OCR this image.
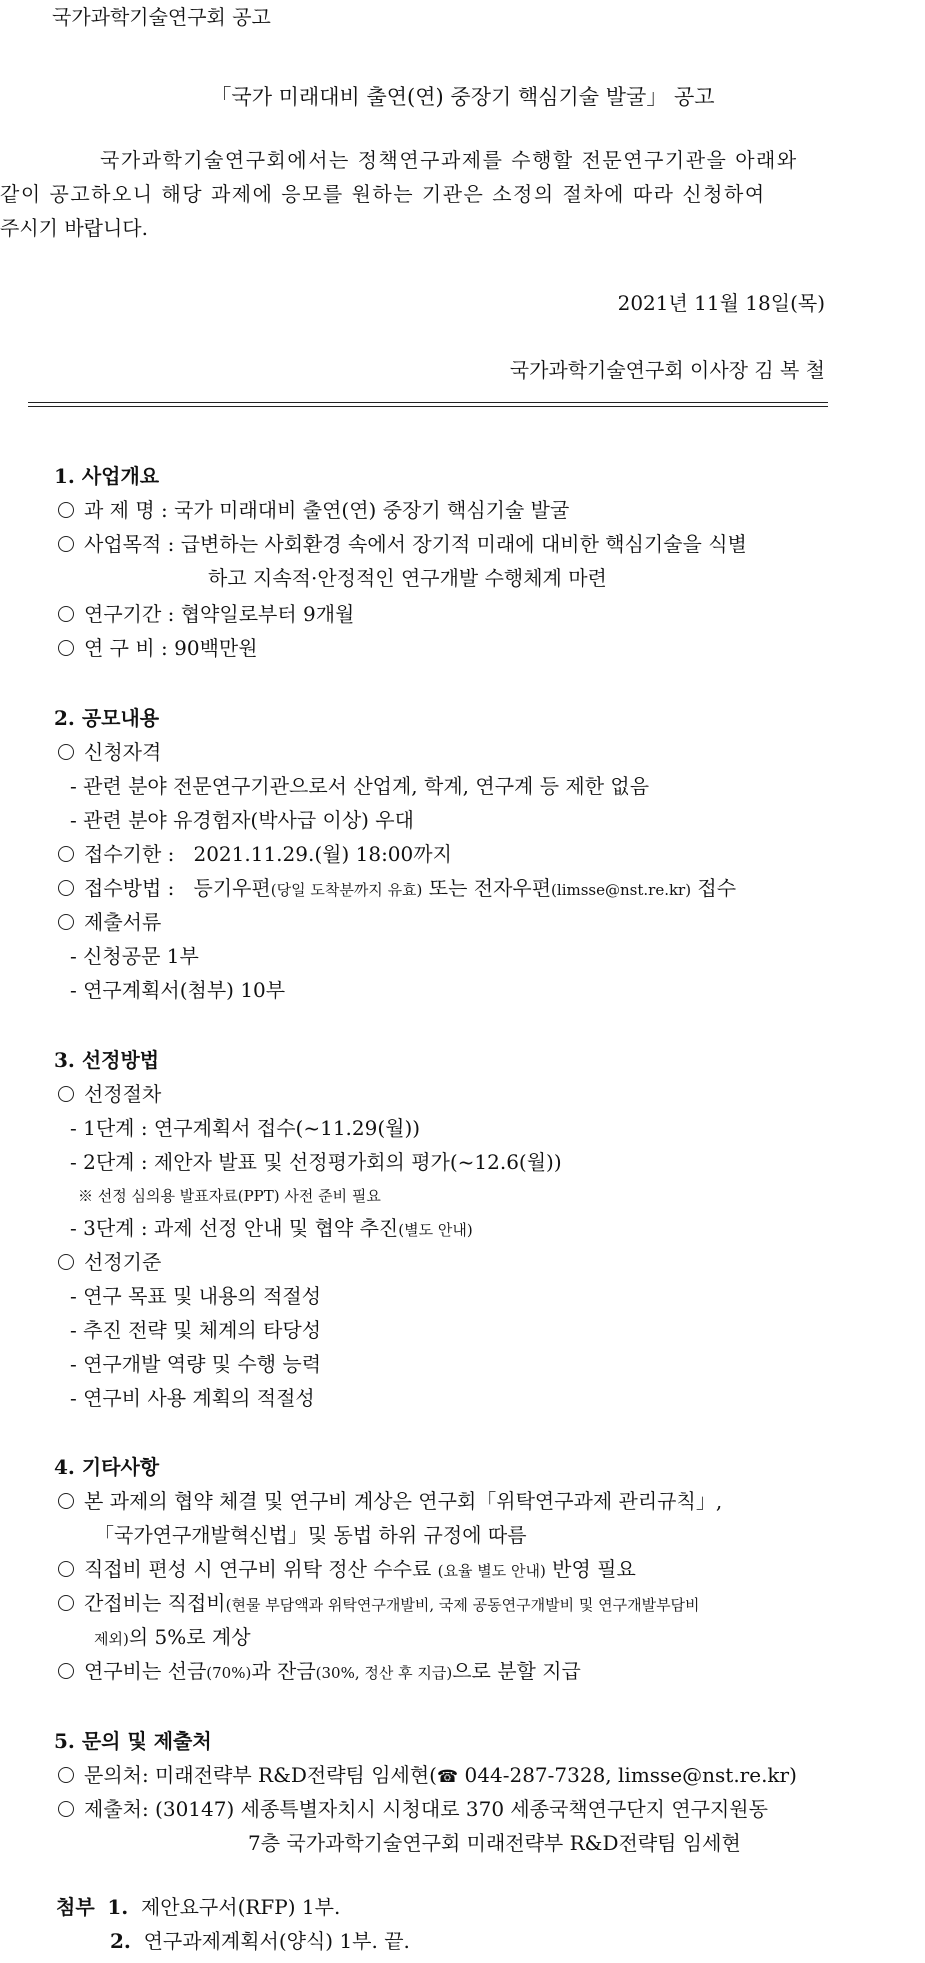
국가과학기술연구회 공고
「국가 미래대비 출연(연) 중장기 핵심기술 발굴」 공고
국가과학기술연구회에서는 정책연구과제를 수행할 전문연구기관을 아래와
같이 공고하오니 해당 과제에 응모를 원하는 기관은 소정의 절차에 따라 신청하여
주시기 바랍니다.
2021년 11월 18일(목)
국가과학기술연구회 이사장 김 복 철
1. 사업개요
과 제 명 : 국가 미래대비 출연(연) 중장기 핵심기술 발굴
사업목적 : 급변하는 사회환경 속에서 장기적 미래에 대비한 핵심기술을 식별
하고 지속적·안정적인 연구개발 수행체계 마련
연구기간 : 협약일로부터 9개월
연 구 비 : 90백만원
2. 공모내용
신청자격
- 관련 분야 전문연구기관으로서 산업계, 학계, 연구계 등 제한 없음
- 관련 분야 유경험자(박사급 이상) 우대
접수기한 : 2021.11.29.(월) 18:00까지
접수방법 : 등기우편(당일 도착분까지 유효) 또는 전자우편(limsse@nst.re.kr) 접수
제출서류
- 신청공문 1부
- 연구계획서(첨부) 10부
3. 선정방법
선정절차
- 1단계 : 연구계획서 접수(~11.29(월))
- 2단계 : 제안자 발표 및 선정평가회의 평가(~12.6(월))
※ 선정 심의용 발표자료(PPT) 사전 준비 필요
- 3단계 : 과제 선정 안내 및 협약 추진(별도 안내)
선정기준
- 연구 목표 및 내용의 적절성
- 추진 전략 및 체계의 타당성
- 연구개발 역량 및 수행 능력
- 연구비 사용 계획의 적절성
4. 기타사항
본 과제의 협약 체결 및 연구비 계상은 연구회「위탁연구과제 관리규칙」,
「국가연구개발혁신법」및 동법 하위 규정에 따름
직접비 편성 시 연구비 위탁 정산 수수료 (요율 별도 안내) 반영 필요
간접비는 직접비(현물 부담액과 위탁연구개발비, 국제 공동연구개발비 및 연구개발부담비
제외)의 5%로 계상
연구비는 선금(70%)과 잔금(30%, 정산 후 지급)으로 분할 지급
5. 문의 및 제출처
문의처: 미래전략부 R&D전략팀 임세현(☎ 044-287-7328, limsse@nst.re.kr)
제출처: (30147) 세종특별자치시 시청대로 370 세종국책연구단지 연구지원동
7층 국가과학기술연구회 미래전략부 R&D전략팀 임세현
첨부 1. 제안요구서(RFP) 1부.
2. 연구과제계획서(양식) 1부. 끝.
